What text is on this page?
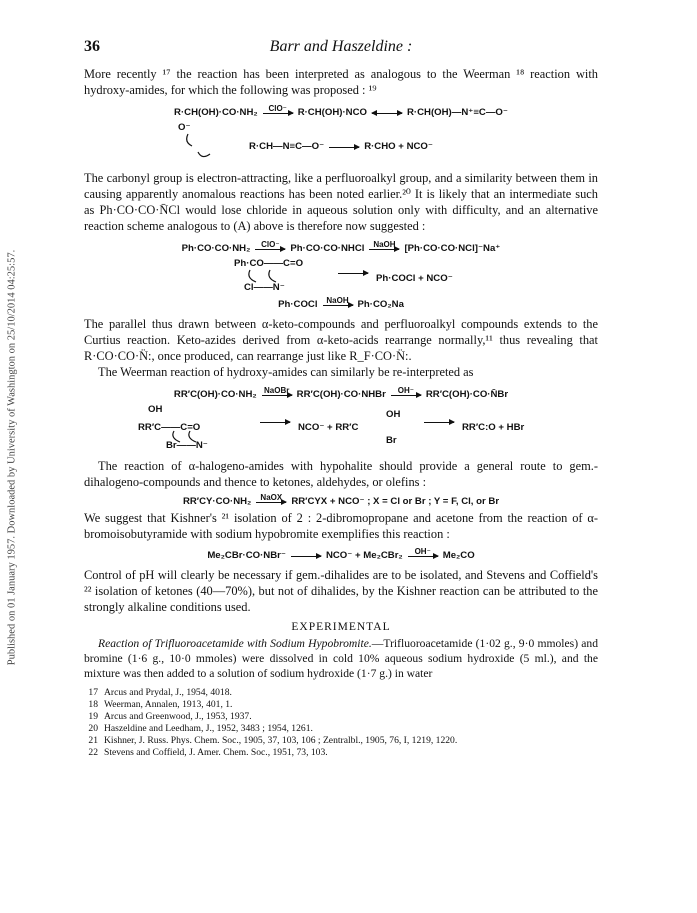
Published on 01 January 1957. Downloaded by University of Washington on 25/10/2014 04:25:57.
36	Barr and Haszeldine :

More recently ¹⁷ the reaction has been interpreted as analogous to the Weerman ¹⁸ reaction with hydroxy-amides, for which the following was proposed : ¹⁹

R·CH(OH)·CO·NH₂ ClO⁻ R·CH(OH)·NCO	R·CH(OH)—N⁺≡C—O⁻
O⁻
R·CH—N≡C—O⁻	R·CHO + NCO⁻

The carbonyl group is electron-attracting, like a perfluoroalkyl group, and a similarity between them in causing apparently anomalous reactions has been noted earlier.²⁰ It is likely that an intermediate such as Ph·CO·CO·N̄Cl would lose chloride in aqueous solution only with difficulty, and an alternative reaction scheme analogous to (A) above is therefore now suggested :

Ph·CO·CO·NH₂ ClO⁻ Ph·CO·CO·NHCl NaOH [Ph·CO·CO·NCl]⁻Na⁺
Ph·CO——C=O
Cl——N⁻
Ph·COCl + NCO⁻
Ph·COCl NaOH Ph·CO₂Na

The parallel thus drawn between α-keto-compounds and perfluoroalkyl compounds extends to the Curtius reaction. Keto-azides derived from α-keto-acids rearrange normally,¹¹ thus revealing that R·CO·CO·N̈:, once produced, can rearrange just like R_F·CO·N̈:.

The Weerman reaction of hydroxy-amides can similarly be re-interpreted as

RR′C(OH)·CO·NH₂ NaOBr RR′C(OH)·CO·NHBr OH⁻ RR′C(OH)·CO·N̄Br
OH
RR′C——C=O
Br——N⁻
NCO⁻ + RR′C
OH
Br
RR′C:O + HBr

The reaction of α-halogeno-amides with hypohalite should provide a general route to gem.-dihalogeno-compounds and thence to ketones, aldehydes, or olefins :

RR′CY·CO·NH₂ NaOX RR′CYX + NCO⁻ ; X = Cl or Br ; Y = F, Cl, or Br

We suggest that Kishner's ²¹ isolation of 2 : 2-dibromopropane and acetone from the reaction of α-bromoisobutyramide with sodium hypobromite exemplifies this reaction :

Me₂CBr·CO·NBr⁻	NCO⁻ + Me₂CBr₂ OH⁻ Me₂CO

Control of pH will clearly be necessary if gem.-dihalides are to be isolated, and Stevens and Coffield's ²² isolation of ketones (40—70%), but not of dihalides, by the Kishner reaction can be attributed to the strongly alkaline conditions used.

EXPERIMENTAL

Reaction of Trifluoroacetamide with Sodium Hypobromite.—Trifluoroacetamide (1·02 g., 9·0 mmoles) and bromine (1·6 g., 10·0 mmoles) were dissolved in cold 10% aqueous sodium hydroxide (5 ml.), and the mixture was then added to a solution of sodium hydroxide (1·7 g.) in water

17 Arcus and Prydal, J., 1954, 4018.
18 Weerman, Annalen, 1913, 401, 1.
19 Arcus and Greenwood, J., 1953, 1937.
20 Haszeldine and Leedham, J., 1952, 3483 ; 1954, 1261.
21 Kishner, J. Russ. Phys. Chem. Soc., 1905, 37, 103, 106 ; Zentralbl., 1905, 76, I, 1219, 1220.
22 Stevens and Coffield, J. Amer. Chem. Soc., 1951, 73, 103.
